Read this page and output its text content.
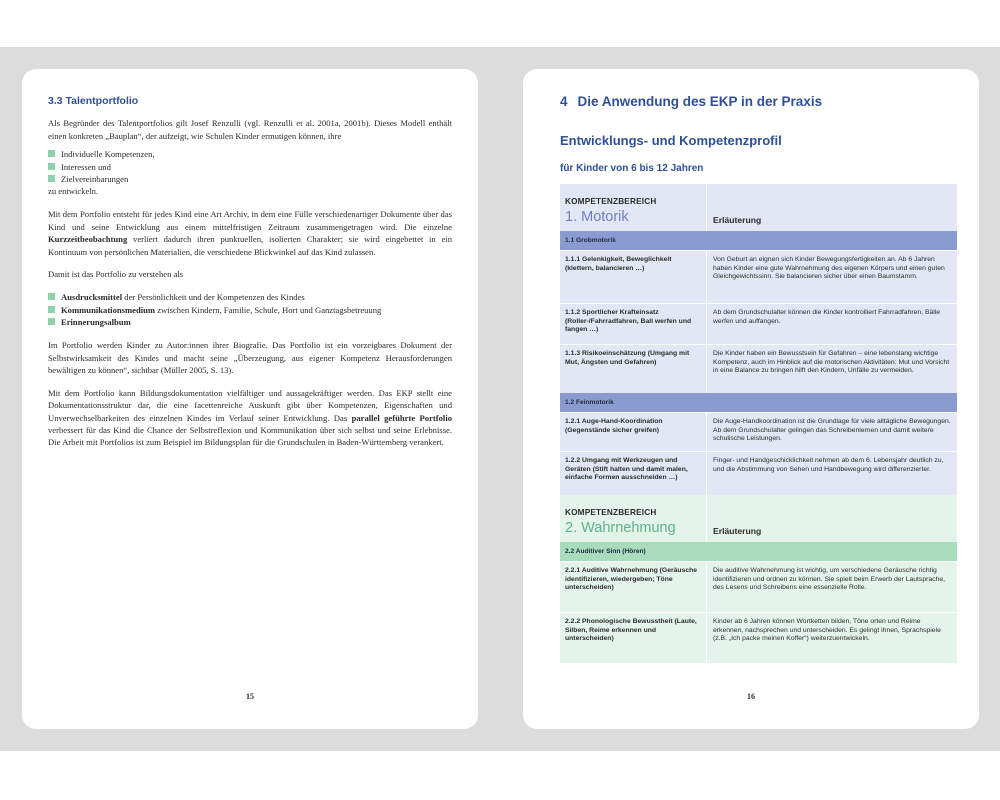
3.3 Talentportfolio

Als Begründer des Talentportfolios gilt Josef Renzulli (vgl. Renzulli et al. 2001a, 2001b). Dieses Modell enthält einen konkreten „Bauplan“, der aufzeigt, wie Schulen Kinder ermutigen können, ihre

Individuelle Kompetenzen,
Interessen und
Zielvereinbarungen

zu entwickeln.

Mit dem Portfolio entsteht für jedes Kind eine Art Archiv, in dem eine Fülle verschiedenartiger Dokumente über das Kind und seine Entwicklung aus einem mittelfristigen Zeitraum zusammengetragen wird. Die einzelne Kurzzeitbeobachtung verliert dadurch ihren punktuellen, isolierten Charakter; sie wird eingebettet in ein Kontinuum von persönlichen Materialien, die verschiedene Blickwinkel auf das Kind zulassen.

Damit ist das Portfolio zu verstehen als

Ausdrucksmittel der Persönlichkeit und der Kompetenzen des Kindes
Kommunikationsmedium zwischen Kindern, Familie, Schule, Hort und Ganztagsbetreuung
Erinnerungsalbum

Im Portfolio werden Kinder zu Autor:innen ihrer Biografie. Das Portfolio ist ein vorzeigbares Dokument der Selbstwirksamkeit des Kindes und macht seine „Überzeugung, aus eigener Kompetenz Herausforderungen bewältigen zu können“, sichtbar (Müller 2005, S. 13).

Mit dem Portfolio kann Bildungsdokumentation vielfältiger und aussagekräftiger werden. Das EKP stellt eine Dokumentationsstruktur dar, die eine facettenreiche Auskunft gibt über Kompetenzen, Eigenschaften und Unverwechselbarkeiten des einzelnen Kindes im Verlauf seiner Entwicklung. Das parallel geführte Portfolio verbessert für das Kind die Chance der Selbstreflexion und Kommunikation über sich selbst und seine Erlebnisse. Die Arbeit mit Portfolios ist zum Beispiel im Bildungsplan für die Grundschulen in Baden-Württemberg verankert.

15
4 Die Anwendung des EKP in der Praxis
Entwicklungs- und Kompetenzprofil
für Kinder von 6 bis 12 Jahren
KOMPETENZBEREICH
1. Motorik	Erläuterung
1.1 Grobmotorik
1.1.1 Gelenkigkeit, Beweglichkeit (klettern, balancieren …)
Von Geburt an eignen sich Kinder Bewegungsfertigkeiten an. Ab 6 Jahren haben Kinder eine gute Wahrnehmung des eigenen Körpers und einen guten Gleichgewichtssinn. Sie balancieren sicher über einen Baumstamm.
1.1.2 Sportlicher Krafteinsatz (Roller-/Fahrradfahren, Ball werfen und fangen …)
Ab dem Grundschulalter können die Kinder kontrolliert Fahrradfahren, Bälle werfen und auffangen.
1.1.3 Risikoeinschätzung (Umgang mit Mut, Ängsten und Gefahren)
Die Kinder haben ein Bewusstsein für Gefahren – eine lebenslang wichtige Kompetenz, auch im Hinblick auf die motorischen Aktivitäten: Mut und Vorsicht in eine Balance zu bringen hilft den Kindern, Unfälle zu vermeiden.
1.2 Feinmotorik
1.2.1 Auge-Hand-Koordination (Gegenstände sicher greifen)
Die Auge-Handkoordination ist die Grundlage für viele alltägliche Bewegungen. Ab dem Grundschulalter gelingen das Schreibenlernen und damit weitere schulische Leistungen.
1.2.2 Umgang mit Werkzeugen und Geräten (Stift halten und damit malen, einfache Formen ausschneiden …)
Finger- und Handgeschicklichkeit nehmen ab dem 6. Lebensjahr deutlich zu, und die Abstimmung von Sehen und Handbewegung wird differenzierter.
KOMPETENZBEREICH
2. Wahrnehmung	Erläuterung
2.2 Auditiver Sinn (Hören)
2.2.1 Auditive Wahrnehmung (Geräusche identifizieren, wiedergeben; Töne unterscheiden)
Die auditive Wahrnehmung ist wichtig, um verschiedene Geräusche richtig identifizieren und ordnen zu können. Sie spielt beim Erwerb der Lautsprache, des Lesens und Schreibens eine essenzielle Rolle.
2.2.2 Phonologische Bewusstheit (Laute, Silben, Reime erkennen und unterscheiden)
Kinder ab 6 Jahren können Wortketten bilden, Töne orten und Reime erkennen, nachsprechen und unterscheiden. Es gelingt ihnen, Sprachspiele (z.B. „Ich packe meinen Koffer“) weiterzuentwickeln.
16
